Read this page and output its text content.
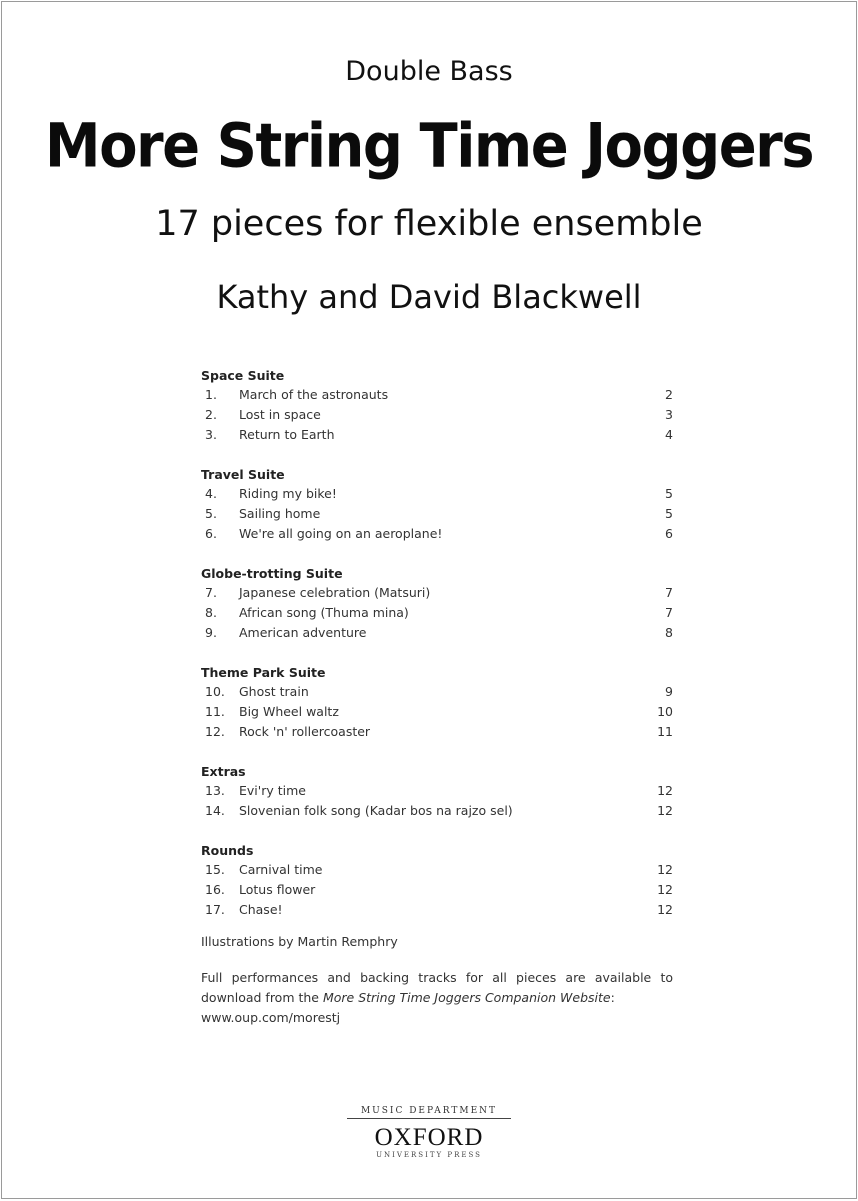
Double Bass
More String Time Joggers
17 pieces for flexible ensemble
Kathy and David Blackwell
Space Suite
1. March of the astronauts	2
2. Lost in space	3
3. Return to Earth	4
Travel Suite
4. Riding my bike!	5
5. Sailing home	5
6. We're all going on an aeroplane!	6
Globe-trotting Suite
7. Japanese celebration (Matsuri)	7
8. African song (Thuma mina)	7
9. American adventure	8
Theme Park Suite
10. Ghost train	9
11. Big Wheel waltz	10
12. Rock 'n' rollercoaster	11
Extras
13. Evi'ry time	12
14. Slovenian folk song (Kadar bos na rajzo sel)	12
Rounds
15. Carnival time	12
16. Lotus flower	12
17. Chase!	12
Illustrations by Martin Remphry
Full performances and backing tracks for all pieces are available to download from the More String Time Joggers Companion Website:
www.oup.com/morestj
MUSIC DEPARTMENT
OXFORD
UNIVERSITY PRESS
